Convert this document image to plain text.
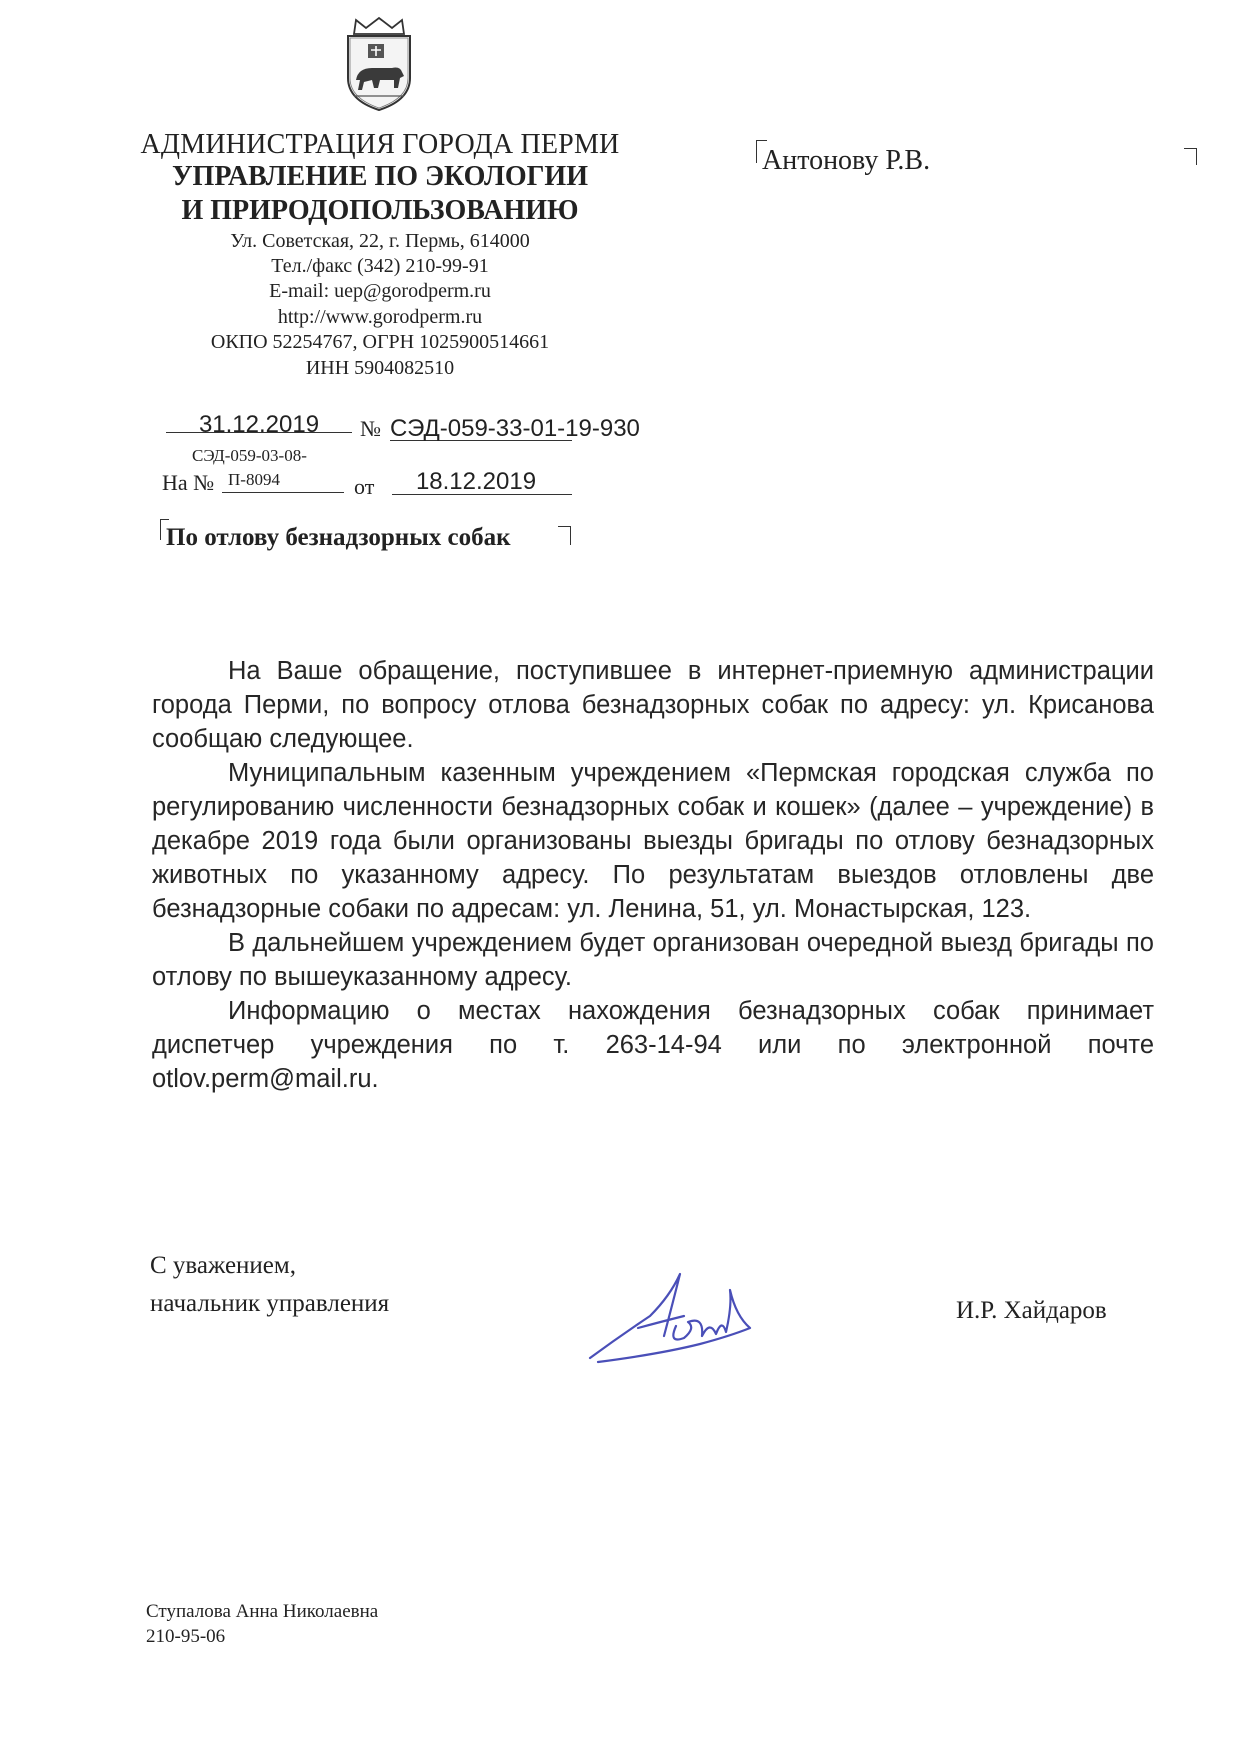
АДМИНИСТРАЦИЯ ГОРОДА ПЕРМИ
УПРАВЛЕНИЕ ПО ЭКОЛОГИИ
И ПРИРОДОПОЛЬЗОВАНИЮ
Ул. Советская, 22, г. Пермь, 614000
Тел./факс (342) 210-99-91
E-mail: uep@gorodperm.ru
http://www.gorodperm.ru
ОКПО 52254767, ОГРН 1025900514661
ИНН 5904082510
Антонову Р.В.
31.12.2019	№ СЭД-059-33-01-19-930
СЭД-059-03-08-
На № П-8094	от	18.12.2019
По отлову безнадзорных собак

На Ваше обращение, поступившее в интернет-приемную администрации города Перми, по вопросу отлова безнадзорных собак по адресу: ул. Крисанова сообщаю следующее.

Муниципальным казенным учреждением «Пермская городская служба по регулированию численности безнадзорных собак и кошек» (далее – учреждение) в декабре 2019 года были организованы выезды бригады по отлову безнадзорных животных по указанному адресу. По результатам выездов отловлены две безнадзорные собаки по адресам: ул. Ленина, 51, ул. Монастырская, 123.

В дальнейшем учреждением будет организован очередной выезд бригады по отлову по вышеуказанному адресу.

Информацию о местах нахождения безнадзорных собак принимает диспетчер учреждения по т. 263-14-94 или по электронной почте otlov.perm@mail.ru.

С уважением,
начальник управления	И.Р. Хайдаров
Ступалова Анна Николаевна
210-95-06
